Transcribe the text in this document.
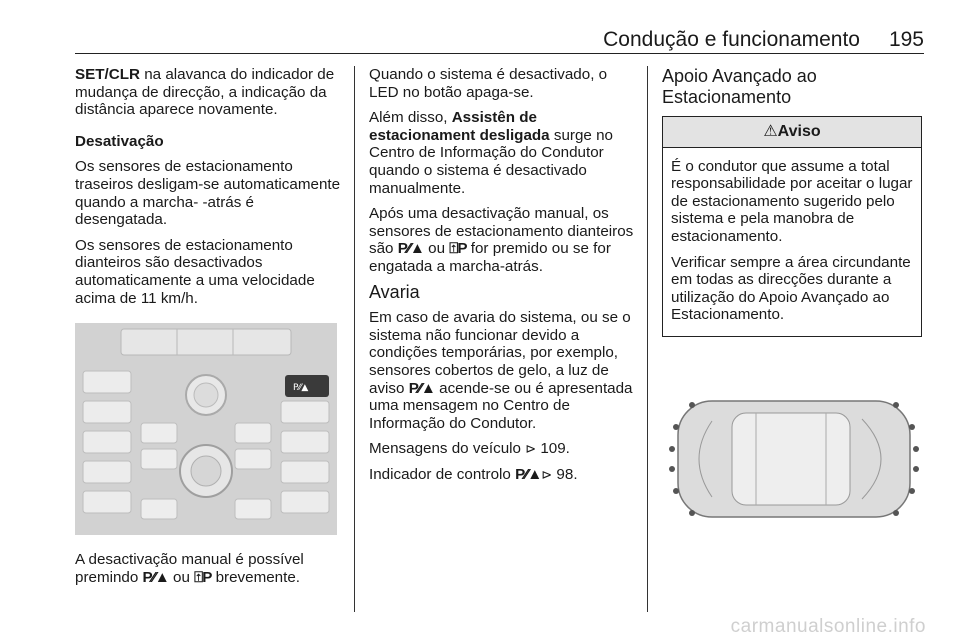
Condução e funcionamento 195

SET/CLR na alavanca do indicador de mudança de direcção, a indicação da distância aparece novamente.

Desativação

Os sensores de estacionamento traseiros desligam-se automaticamente quando a marcha- -atrás é desengatada.

Os sensores de estacionamento dianteiros são desactivados automaticamente a uma velocidade acima de 11 km/h.

P⁄⁄▲

A desactivação manual é possível premindo P⁄⁄▲ ou ⍐P brevemente.

Quando o sistema é desactivado, o LED no botão apaga-se.

Além disso, Assistên de estacionament desligada surge no Centro de Informação do Condutor quando o sistema é desactivado manualmente.

Após uma desactivação manual, os sensores de estacionamento dianteiros são P⁄⁄▲ ou ⍐P for premido ou se for engatada a marcha-atrás.

Avaria

Em caso de avaria do sistema, ou se o sistema não funcionar devido a condições temporárias, por exemplo, sensores cobertos de gelo, a luz de aviso P⁄⁄▲ acende-se ou é apresentada uma mensagem no Centro de Informação do Condutor.

Mensagens do veículo ⊳ 109.

Indicador de controlo P⁄⁄▲⊳ 98.

Apoio Avançado ao Estacionamento

⚠Aviso

É o condutor que assume a total responsabilidade por aceitar o lugar de estacionamento sugerido pelo sistema e pela manobra de estacionamento.

Verificar sempre a área circundante em todas as direcções durante a utilização do Apoio Avançado ao Estacionamento.

carmanualsonline.info
